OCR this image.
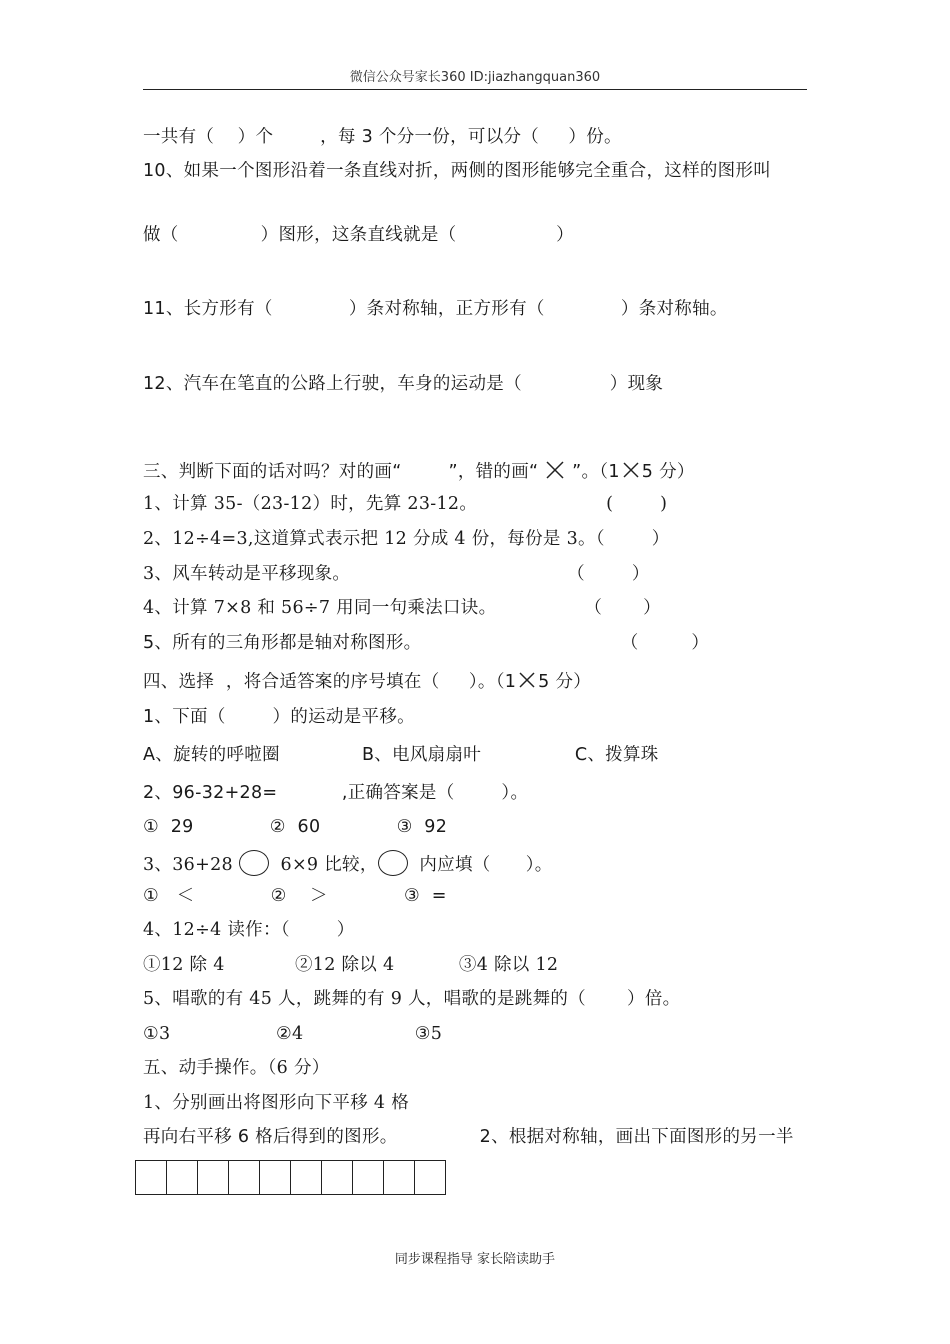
微信公众号家长360 ID:jiazhangquan360
一共有（    ）个        ，每 3 个分一份，可以分（     ）份。
10、如果一个图形沿着一条直线对折，两侧的图形能够完全重合，这样的图形叫
做（              ）图形，这条直线就是（                 ）
11、长方形有（             ）条对称轴，正方形有（             ）条对称轴。
12、汽车在笔直的公路上行驶，车身的运动是（               ）现象
三、判断下面的话对吗？对的画“        ”，错的画“  ”。（1 5 分）
1、计算 35-（23-12）时，先算 23-12。                      (        )
2、12÷4=3,这道算式表示把 12 分成 4 份，每份是 3。（        ）
3、风车转动是平移现象。                                     （        ）
4、计算 7×8 和 56÷7 用同一句乘法口诀。               （       ）
5、所有的三角形都是轴对称图形。                                  （         ）
四、选择  ，将合适答案的序号填在（     ）。（1 5 分）
1、下面（        ）的运动是平移。
A、旋转的呼啦圈              B、电风扇扇叶                C、拨算珠
2、96-32+28=           ,正确答案是（        ）。
①  29             ②  60             ③  92
3、36+28   6×9 比较，  内应填（      ）。
①   ＜             ②    ＞             ③  =
4、12÷4 读作：（        ）
①12 除 4            ②12 除以 4           ③4 除以 12
5、唱歌的有 45 人，跳舞的有 9 人，唱歌的是跳舞的（       ）倍。
①3                  ②4                   ③5
五、动手操作。（6 分）
1、分别画出将图形向下平移 4 格
再向右平移 6 格后得到的图形。              2、根据对称轴，画出下面图形的另一半
同步课程指导 家长陪读助手
